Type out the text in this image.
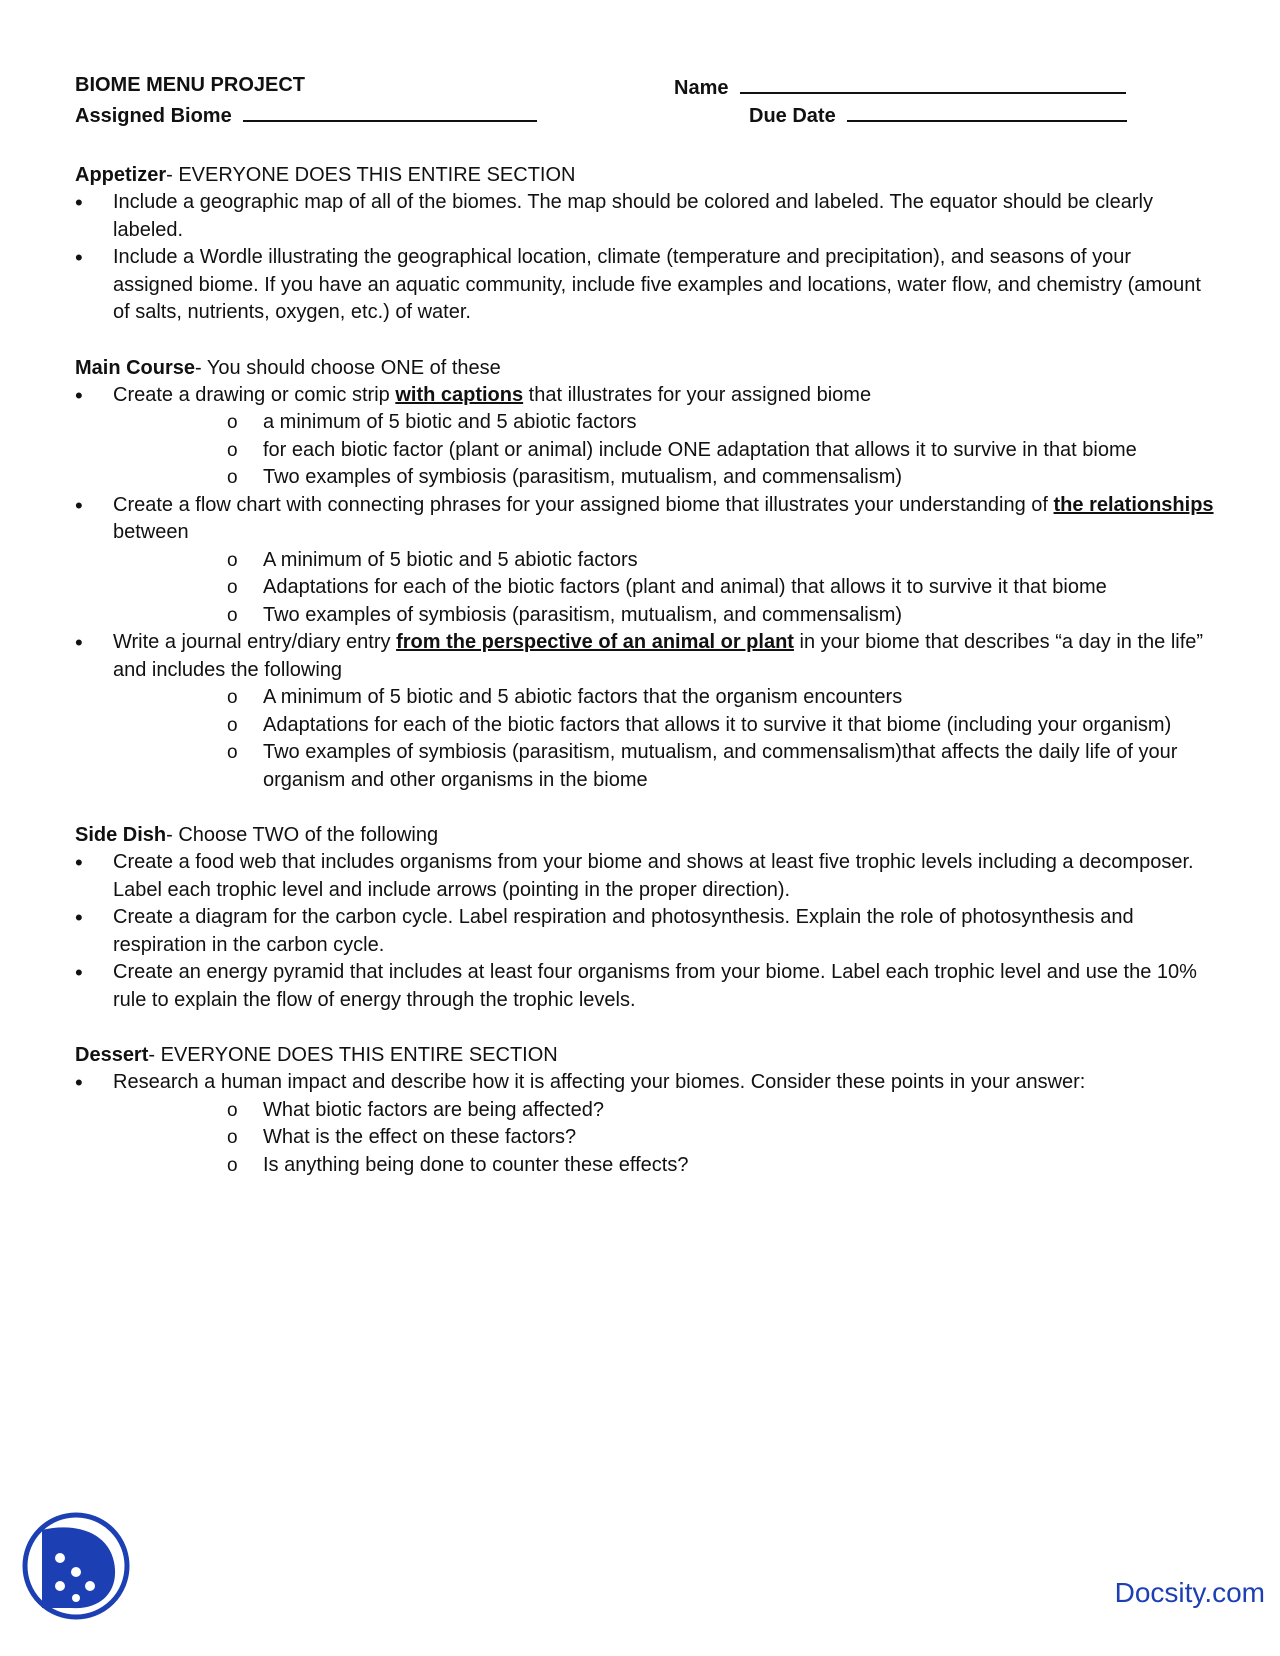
BIOME MENU PROJECT
Assigned Biome
Name
Due Date
Appetizer- EVERYONE DOES THIS ENTIRE SECTION
• Include a geographic map of all of the biomes. The map should be colored and labeled. The equator should be clearly labeled.
• Include a Wordle illustrating the geographical location, climate (temperature and precipitation), and seasons of your assigned biome. If you have an aquatic community, include five examples and locations, water flow, and chemistry (amount of salts, nutrients, oxygen, etc.) of water.
Main Course- You should choose ONE of these
• Create a drawing or comic strip with captions that illustrates for your assigned biome
o a minimum of 5 biotic and 5 abiotic factors
o for each biotic factor (plant or animal) include ONE adaptation that allows it to survive in that biome
o Two examples of symbiosis (parasitism, mutualism, and commensalism)
• Create a flow chart with connecting phrases for your assigned biome that illustrates your understanding of the relationships between
o A minimum of 5 biotic and 5 abiotic factors
o Adaptations for each of the biotic factors (plant and animal) that allows it to survive it that biome
o Two examples of symbiosis (parasitism, mutualism, and commensalism)
• Write a journal entry/diary entry from the perspective of an animal or plant in your biome that describes “a day in the life” and includes the following
o A minimum of 5 biotic and 5 abiotic factors that the organism encounters
o Adaptations for each of the biotic factors that allows it to survive it that biome (including your organism)
o Two examples of symbiosis (parasitism, mutualism, and commensalism)that affects the daily life of your organism and other organisms in the biome
Side Dish- Choose TWO of the following
• Create a food web that includes organisms from your biome and shows at least five trophic levels including a decomposer. Label each trophic level and include arrows (pointing in the proper direction).
• Create a diagram for the carbon cycle. Label respiration and photosynthesis. Explain the role of photosynthesis and respiration in the carbon cycle.
• Create an energy pyramid that includes at least four organisms from your biome. Label each trophic level and use the 10% rule to explain the flow of energy through the trophic levels.
Dessert- EVERYONE DOES THIS ENTIRE SECTION
• Research a human impact and describe how it is affecting your biomes. Consider these points in your answer:
o What biotic factors are being affected?
o What is the effect on these factors?
o Is anything being done to counter these effects?
Docsity.com
